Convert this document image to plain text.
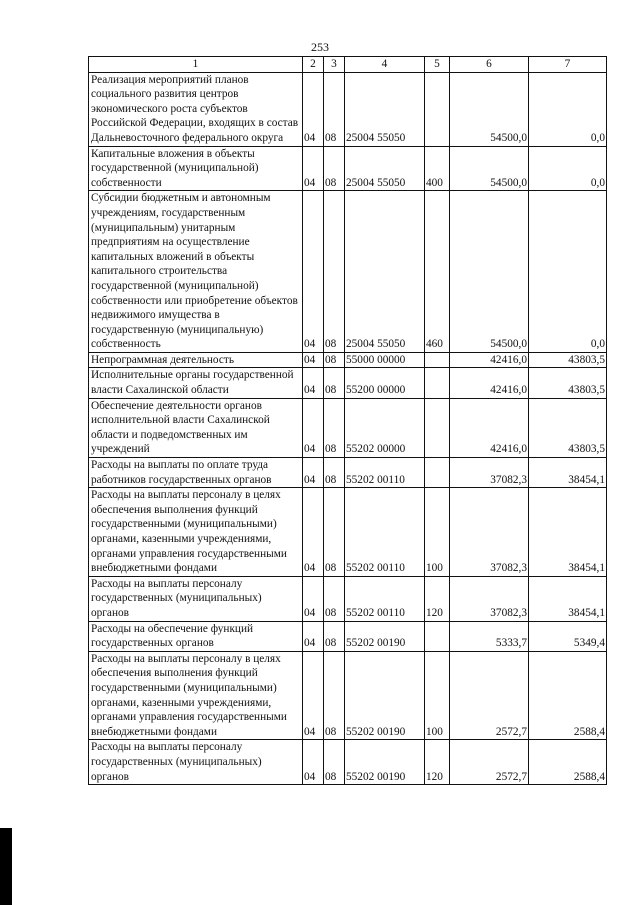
253
1	2	3	4	5	6	7
Реализация мероприятий планов социального развития центров экономического роста субъектов Российской Федерации, входящих в состав Дальневосточного федерального округа	04	08	25004 55050		54500,0	0,0
Капитальные вложения в объекты государственной (муниципальной) собственности	04	08	25004 55050	400	54500,0	0,0
Субсидии бюджетным и автономным учреждениям, государственным (муниципальным) унитарным предприятиям на осуществление капитальных вложений в объекты капитального строительства государственной (муниципальной) собственности или приобретение объектов недвижимого имущества в государственную (муниципальную) собственность	04	08	25004 55050	460	54500,0	0,0
Непрограммная деятельность	04	08	55000 00000		42416,0	43803,5
Исполнительные органы государственной власти Сахалинской области	04	08	55200 00000		42416,0	43803,5
Обеспечение деятельности органов исполнительной власти Сахалинской области и подведомственных им учреждений	04	08	55202 00000		42416,0	43803,5
Расходы на выплаты по оплате труда работников государственных органов	04	08	55202 00110		37082,3	38454,1
Расходы на выплаты персоналу в целях обеспечения выполнения функций государственными (муниципальными) органами, казенными учреждениями, органами управления государственными внебюджетными фондами	04	08	55202 00110	100	37082,3	38454,1
Расходы на выплаты персоналу государственных (муниципальных) органов	04	08	55202 00110	120	37082,3	38454,1
Расходы на обеспечение функций государственных органов	04	08	55202 00190		5333,7	5349,4
Расходы на выплаты персоналу в целях обеспечения выполнения функций государственными (муниципальными) органами, казенными учреждениями, органами управления государственными внебюджетными фондами	04	08	55202 00190	100	2572,7	2588,4
Расходы на выплаты персоналу государственных (муниципальных) органов	04	08	55202 00190	120	2572,7	2588,4
